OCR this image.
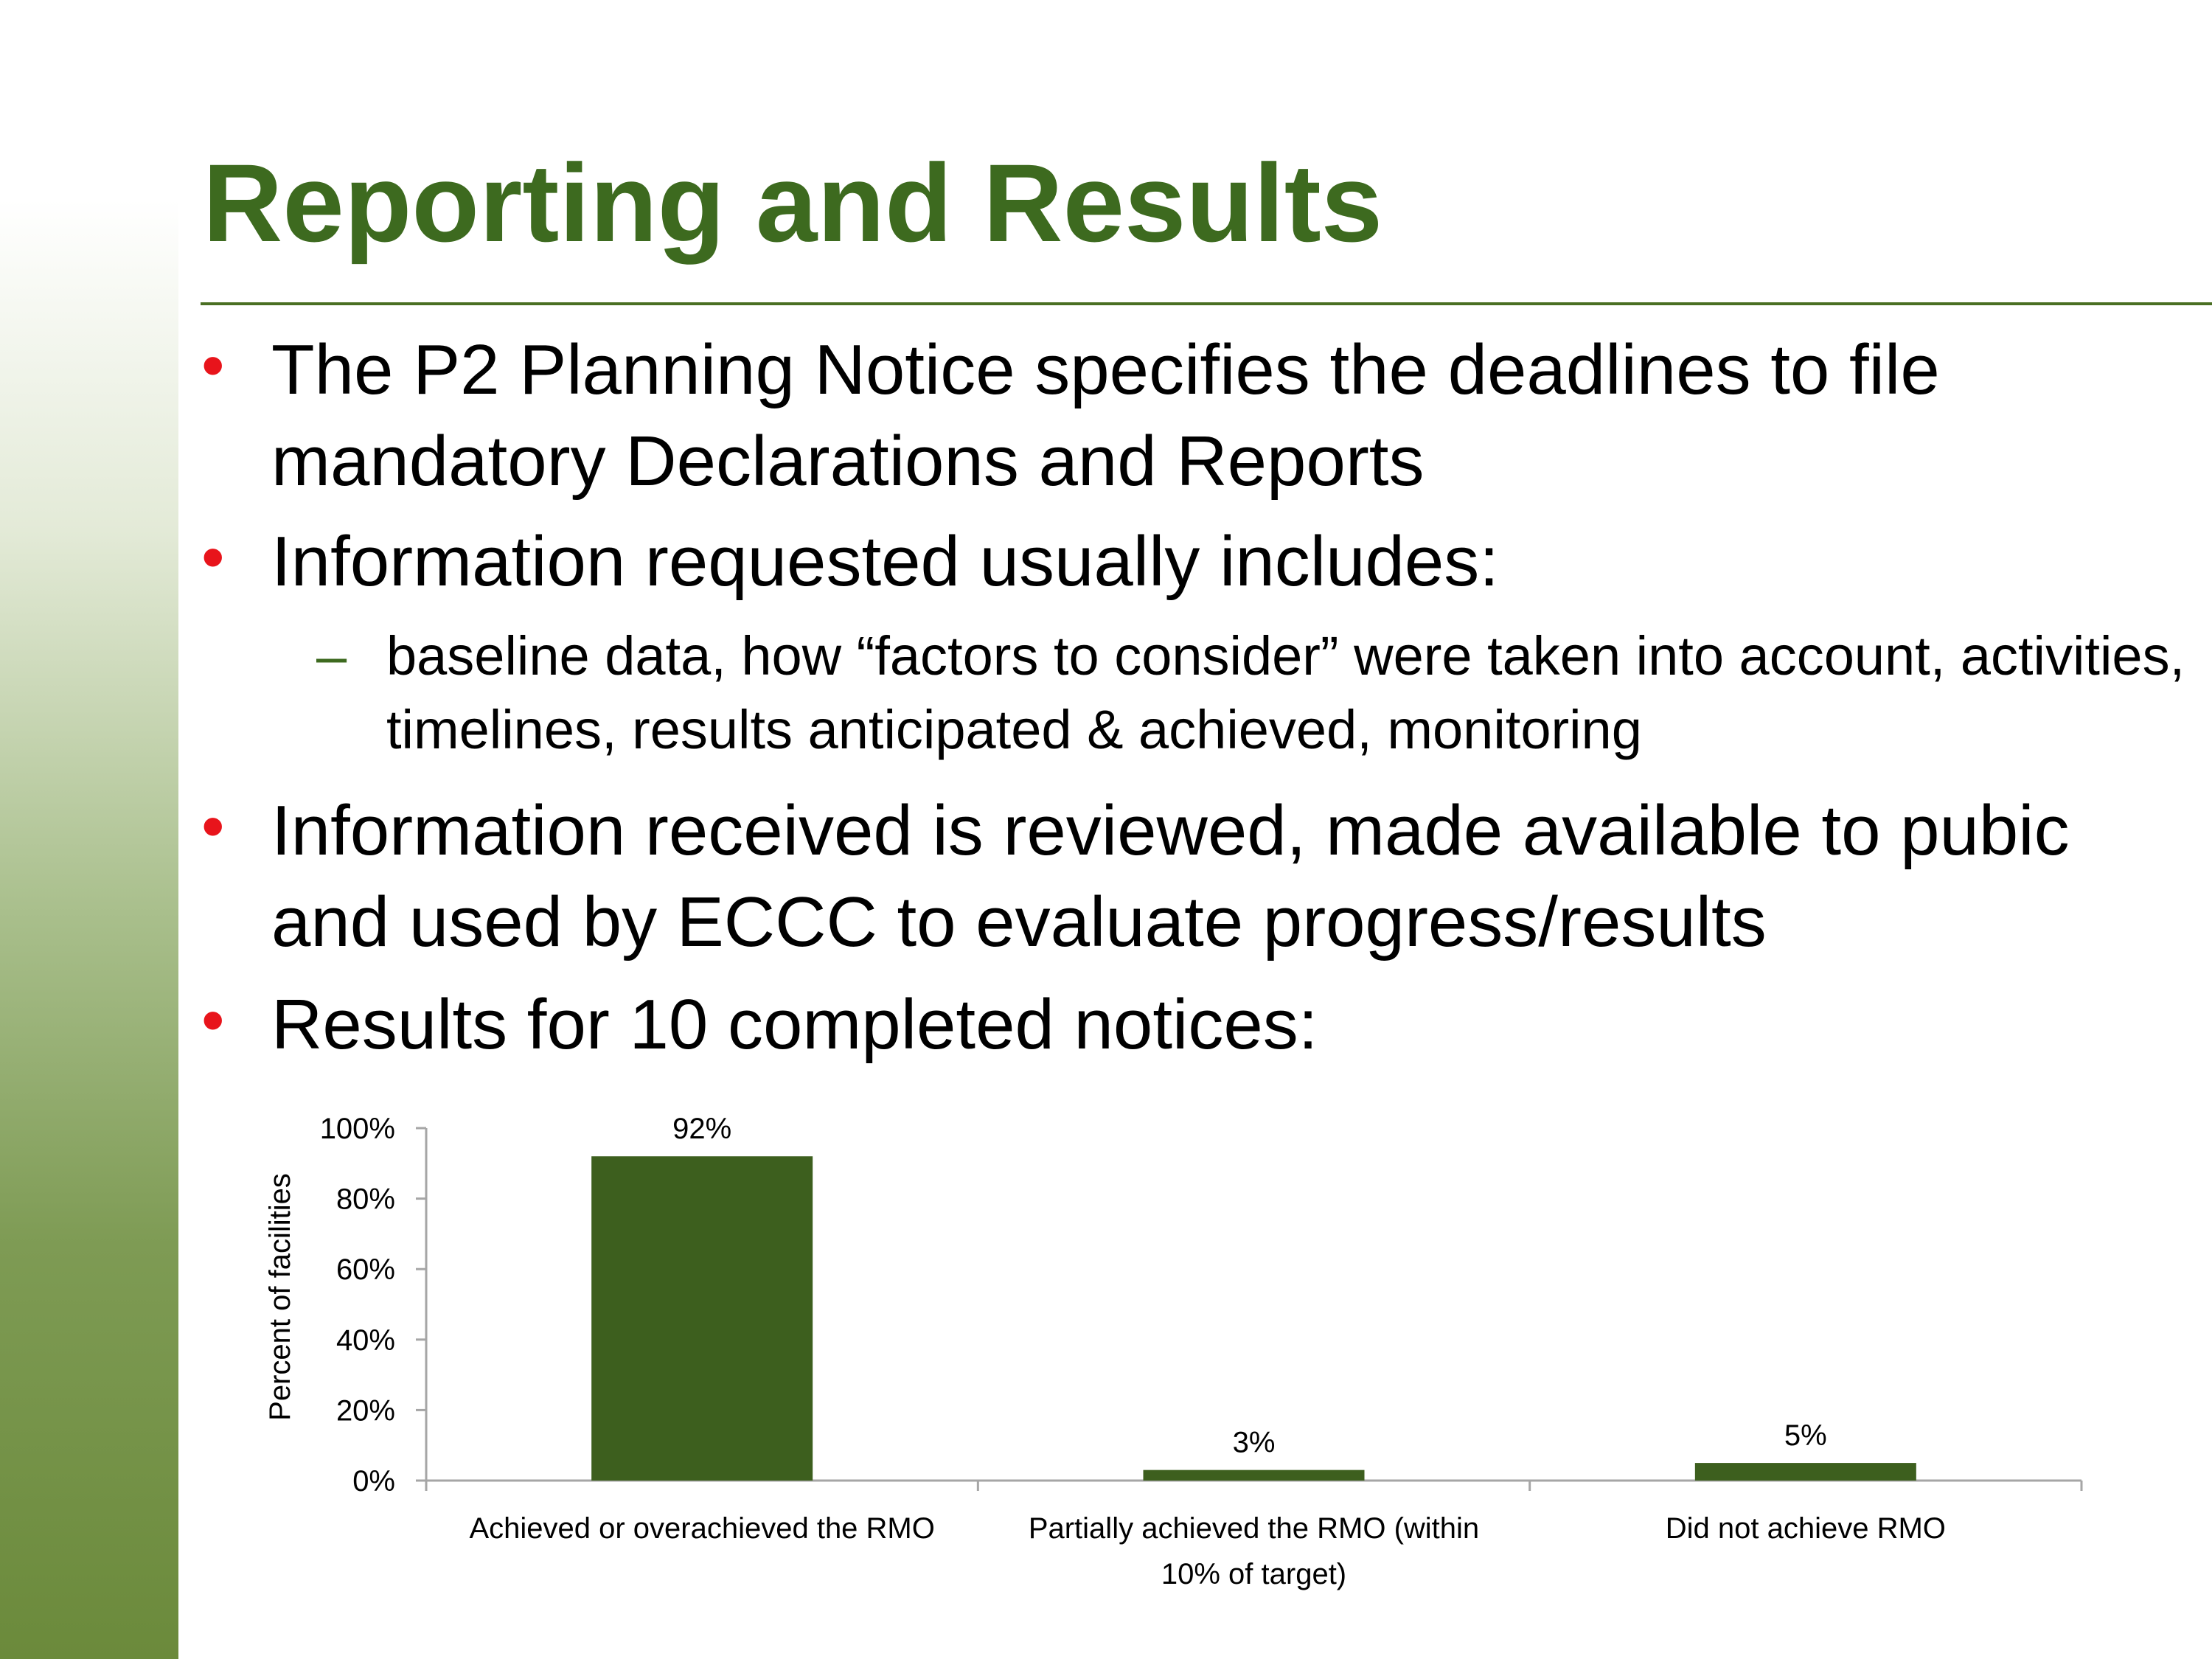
Reporting and Results
• The P2 Planning Notice specifies the deadlines to file mandatory Declarations and Reports
• Information requested usually includes:
– baseline data, how “factors to consider” were taken into account, activities, timelines, results anticipated & achieved, monitoring
• Information received is reviewed, made available to pubic and used by ECCC to evaluate progress/results
• Results for 10 completed notices:
0%
20%
40%
60%
80%
100%
Percent of facilities
92%
Achieved or overachieved the RMO
3%
Partially achieved the RMO (within
10% of target)
5%
Did not achieve RMO
